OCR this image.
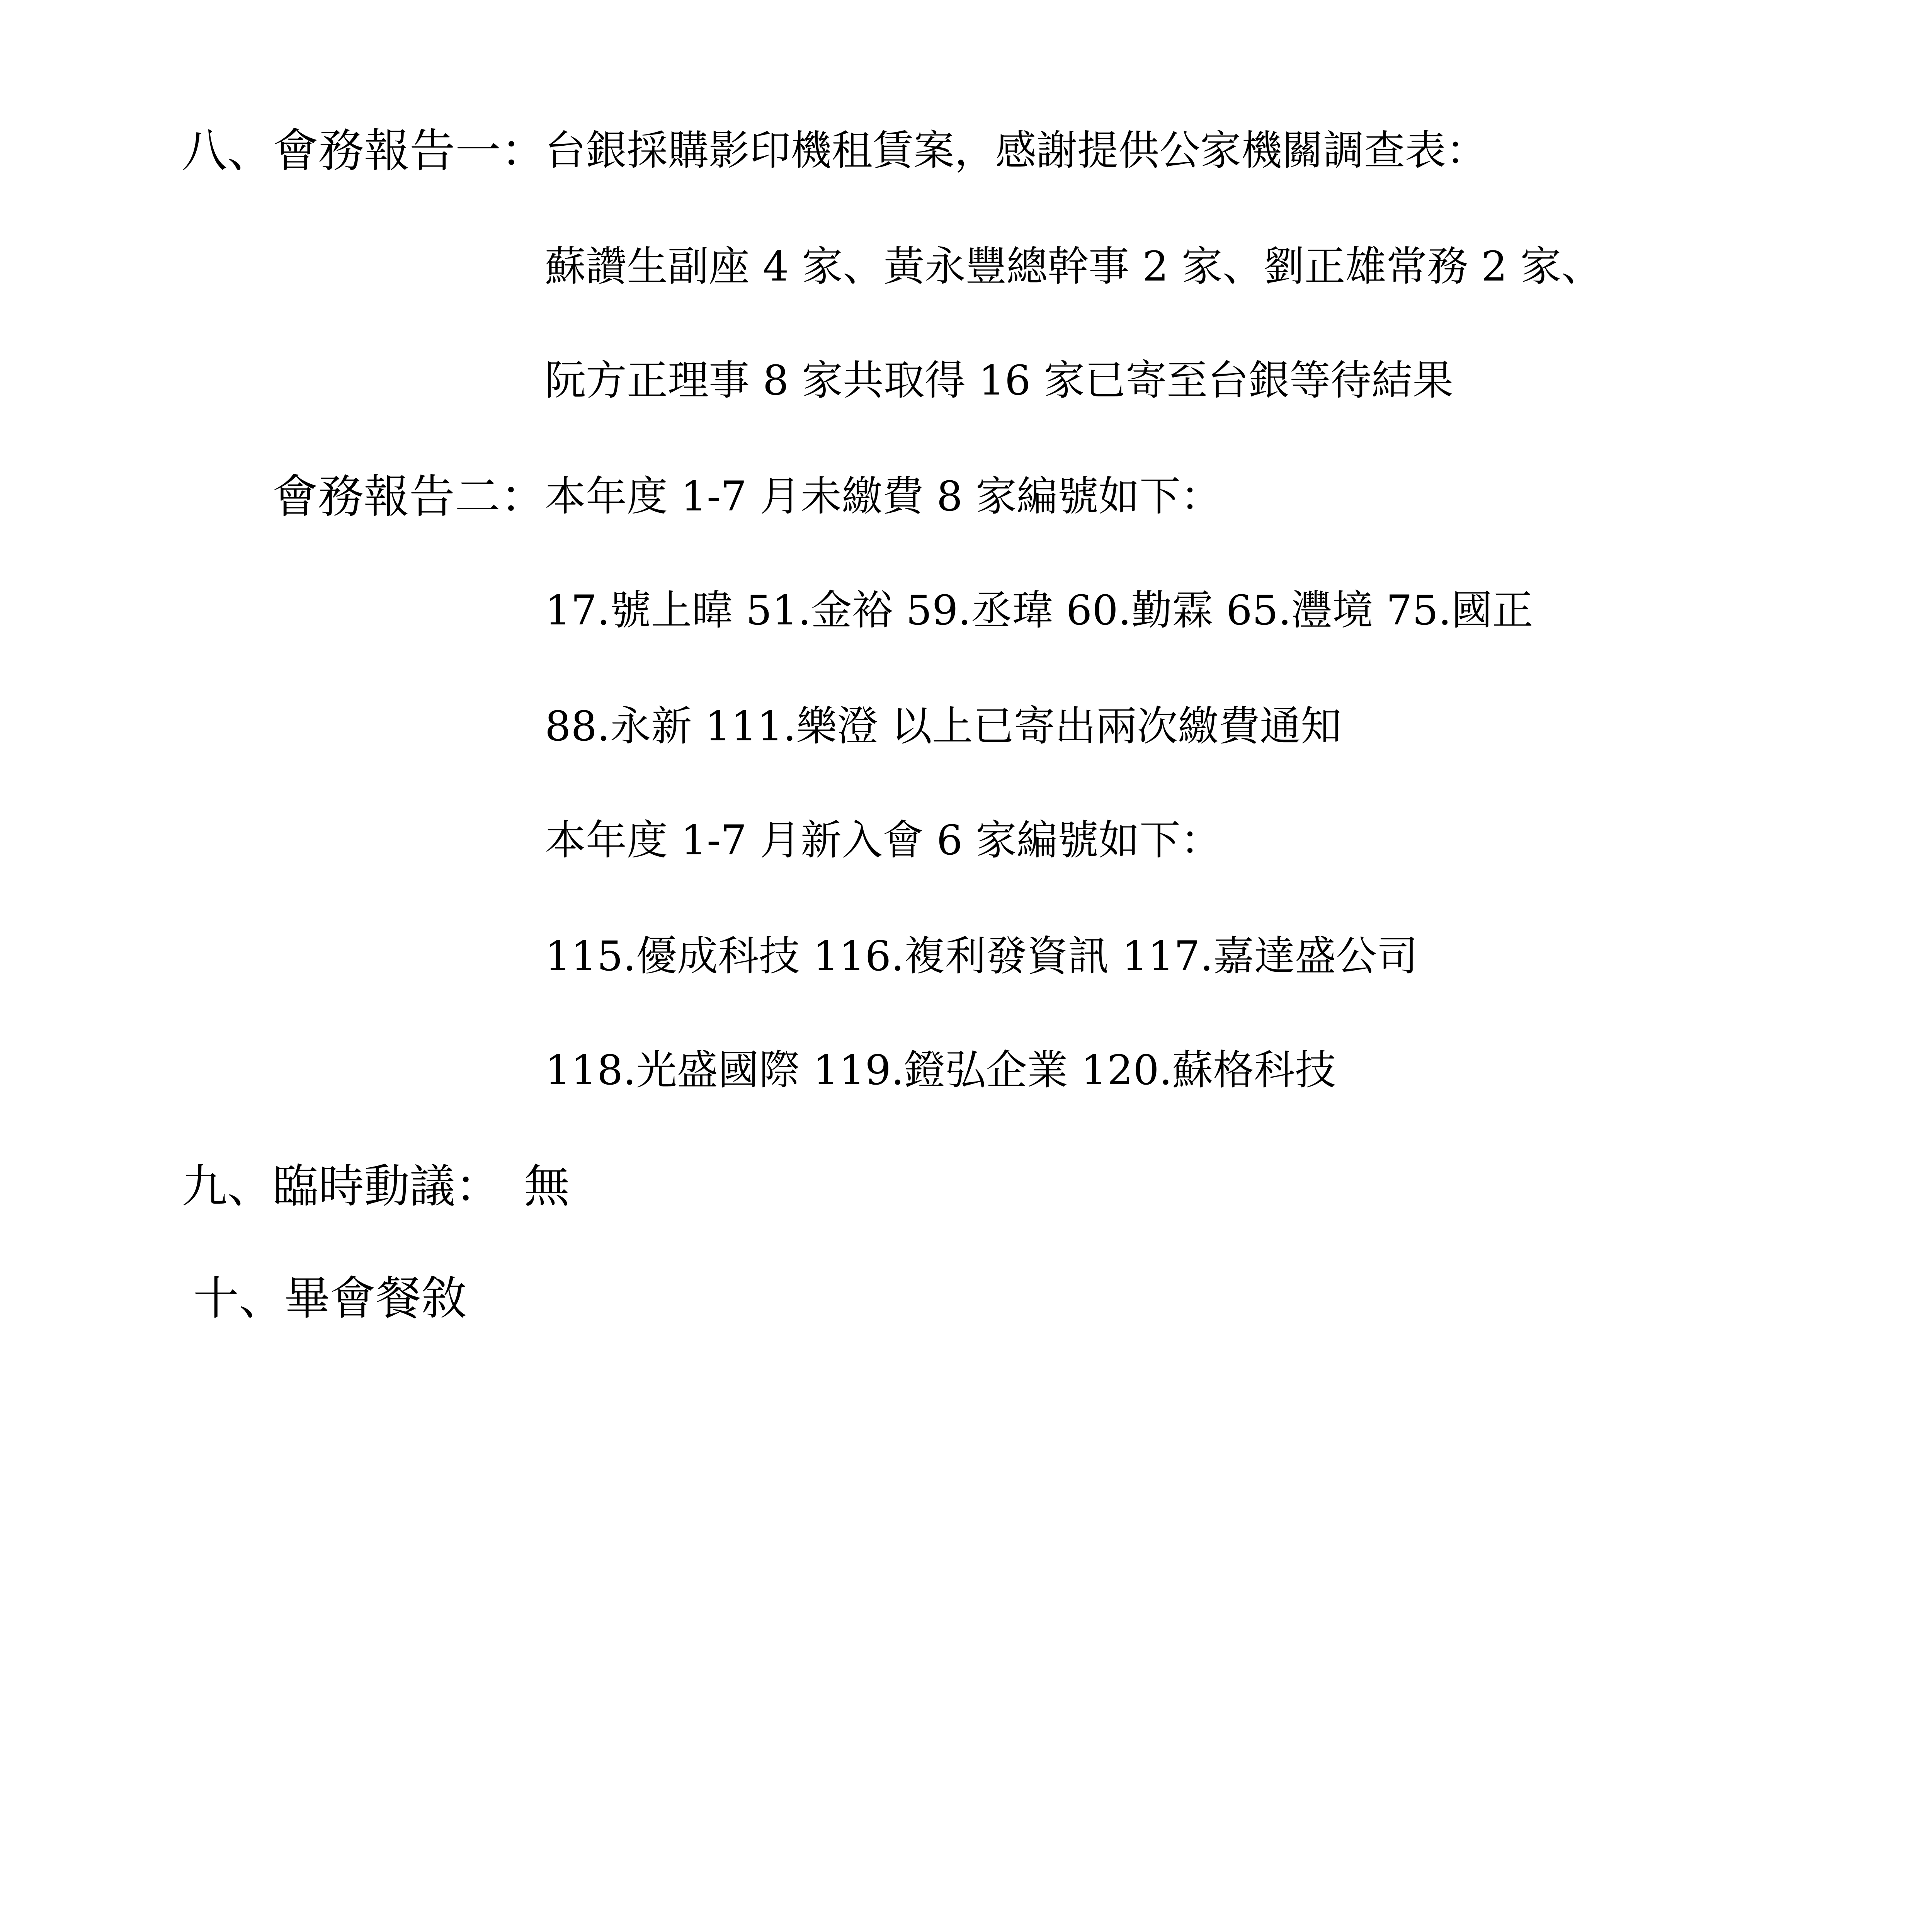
八、會務報告一：
台銀採購影印機租賃案，感謝提供公家機關調查表：
蘇讚生副座 4 家、黃永豐總幹事 2 家、劉正雄常務 2 家、
阮方正理事 8 家共取得 16 家已寄至台銀等待結果
會務報告二：
本年度 1-7 月未繳費 8 家編號如下：
17.號上暐 51.金裕 59.丞瑋 60.勤霖 65.灃境 75.國正
88.永新 111.樂澄 以上已寄出兩次繳費通知
本年度 1-7 月新入會 6 家編號如下：
115.優成科技 116.複利發資訊 117.嘉達盛公司
118.光盛國際 119.鐙弘企業 120.蘇格科技
九、臨時動議： 無
十、畢會餐敘
